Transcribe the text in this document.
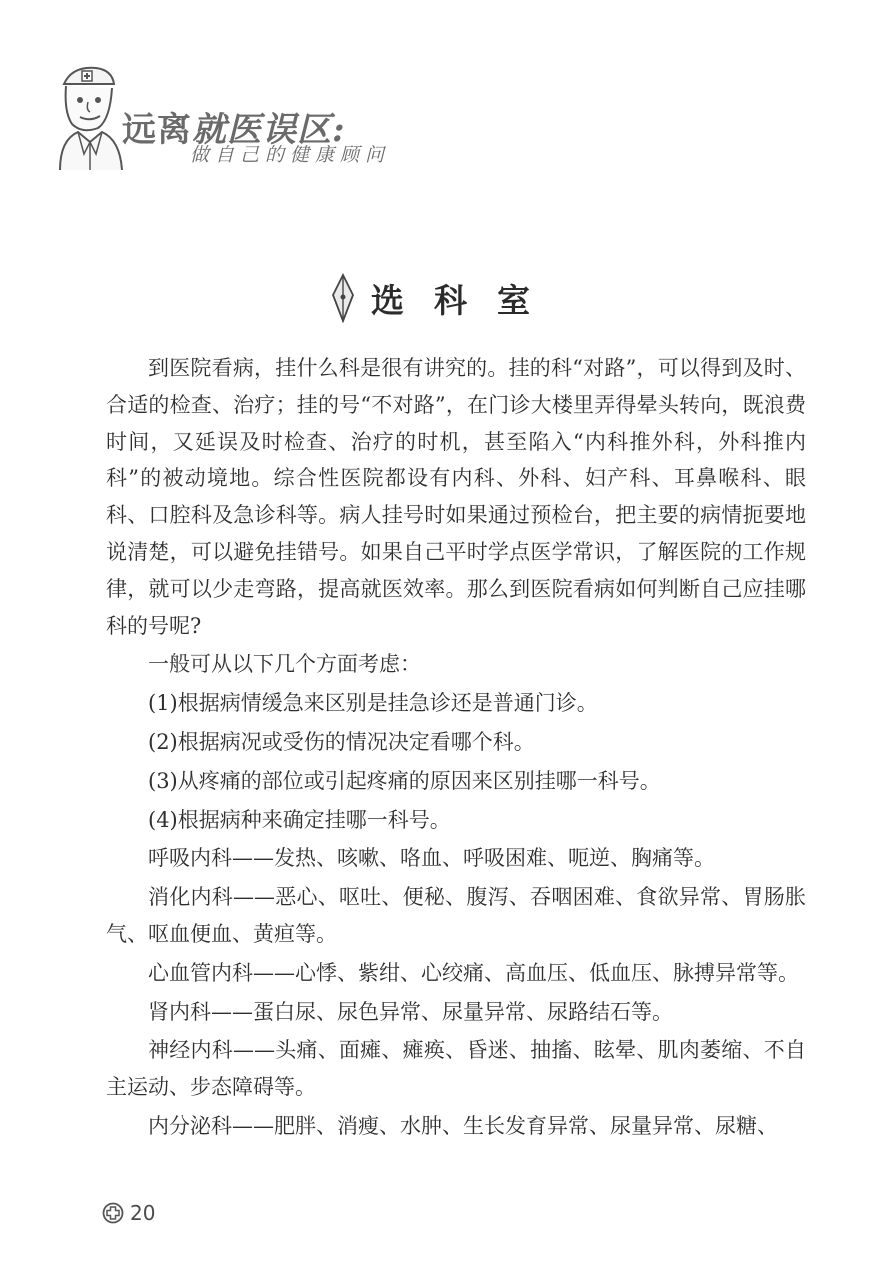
远离就医误区:
做自己的健康顾问
选科室

到医院看病，挂什么科是很有讲究的。挂的科“对路”，可以得到及时、合适的检查、治疗；挂的号“不对路”，在门诊大楼里弄得晕头转向，既浪费时间，又延误及时检查、治疗的时机，甚至陷入“内科推外科，外科推内科”的被动境地。综合性医院都设有内科、外科、妇产科、耳鼻喉科、眼科、口腔科及急诊科等。病人挂号时如果通过预检台，把主要的病情扼要地说清楚，可以避免挂错号。如果自己平时学点医学常识，了解医院的工作规律，就可以少走弯路，提高就医效率。那么到医院看病如何判断自己应挂哪科的号呢?

一般可从以下几个方面考虑：

(1)根据病情缓急来区别是挂急诊还是普通门诊。

(2)根据病况或受伤的情况决定看哪个科。

(3)从疼痛的部位或引起疼痛的原因来区别挂哪一科号。

(4)根据病种来确定挂哪一科号。

呼吸内科——发热、咳嗽、咯血、呼吸困难、呃逆、胸痛等。

消化内科——恶心、呕吐、便秘、腹泻、吞咽困难、食欲异常、胃肠胀气、呕血便血、黄疸等。

心血管内科——心悸、紫绀、心绞痛、高血压、低血压、脉搏异常等。

肾内科——蛋白尿、尿色异常、尿量异常、尿路结石等。

神经内科——头痛、面瘫、瘫痪、昏迷、抽搐、眩晕、肌肉萎缩、不自主运动、步态障碍等。

内分泌科——肥胖、消瘦、水肿、生长发育异常、尿量异常、尿糖、

20
